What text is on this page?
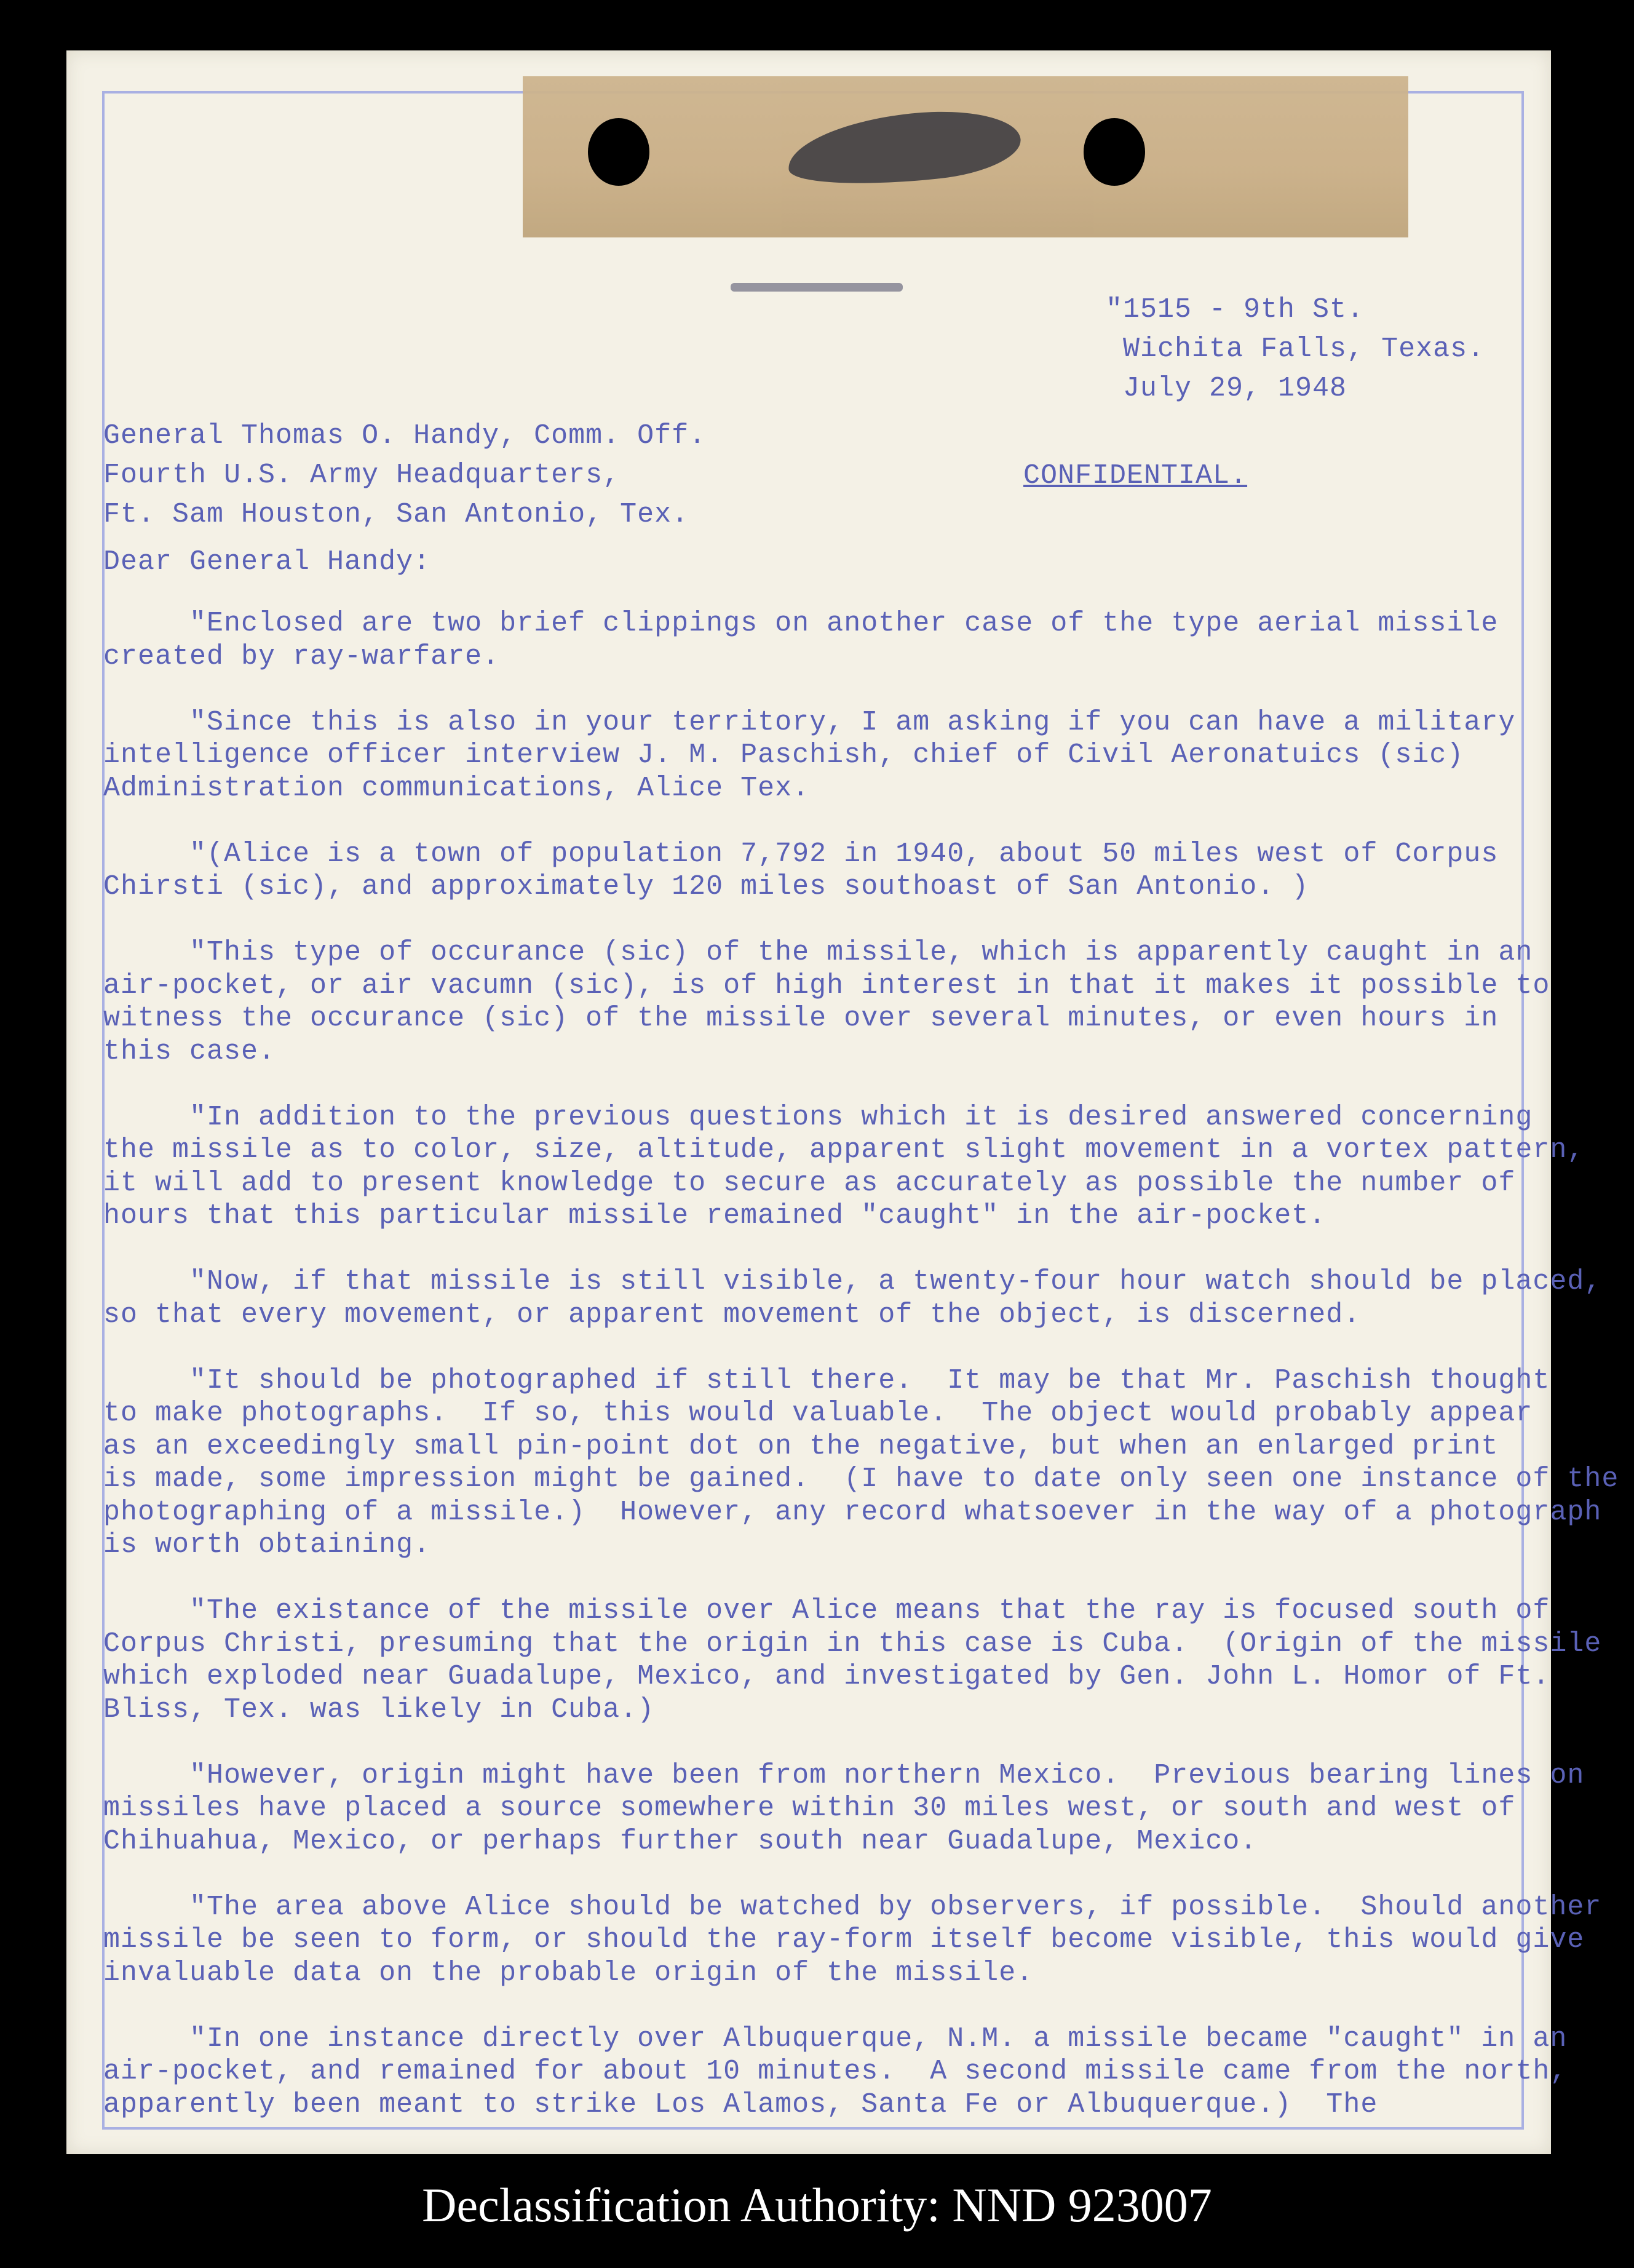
"1515 - 9th St.
Wichita Falls, Texas.
July 29, 1948
General Thomas O. Handy, Comm. Off.
Fourth U.S. Army Headquarters,
Ft. Sam Houston, San Antonio, Tex.
CONFIDENTIAL.
Dear General Handy:
"Enclosed are two brief clippings on another case of the type aerial missile
created by ray-warfare.

"Since this is also in your territory, I am asking if you can have a military
intelligence officer interview J. M. Paschish, chief of Civil Aeronatuics (sic)
Administration communications, Alice Tex.

"(Alice is a town of population 7,792 in 1940, about 50 miles west of Corpus
Chirsti (sic), and approximately 120 miles southoast of San Antonio. )

"This type of occurance (sic) of the missile, which is apparently caught in an
air-pocket, or air vacumn (sic), is of high interest in that it makes it possible to
witness the occurance (sic) of the missile over several minutes, or even hours in
this case.

"In addition to the previous questions which it is desired answered concerning
the missile as to color, size, altitude, apparent slight movement in a vortex pattern,
it will add to present knowledge to secure as accurately as possible the number of
hours that this particular missile remained "caught" in the air-pocket.

"Now, if that missile is still visible, a twenty-four hour watch should be placed,
so that every movement, or apparent movement of the object, is discerned.

"It should be photographed if still there.  It may be that Mr. Paschish thought
to make photographs.  If so, this would valuable.  The object would probably appear
as an exceedingly small pin-point dot on the negative, but when an enlarged print
is made, some impression might be gained.  (I have to date only seen one instance of the
photographing of a missile.)  However, any record whatsoever in the way of a photograph
is worth obtaining.

"The existance of the missile over Alice means that the ray is focused south of
Corpus Christi, presuming that the origin in this case is Cuba.  (Origin of the missile
which exploded near Guadalupe, Mexico, and investigated by Gen. John L. Homor of Ft.
Bliss, Tex. was likely in Cuba.)

"However, origin might have been from northern Mexico.  Previous bearing lines on
missiles have placed a source somewhere within 30 miles west, or south and west of
Chihuahua, Mexico, or perhaps further south near Guadalupe, Mexico.

"The area above Alice should be watched by observers, if possible.  Should another
missile be seen to form, or should the ray-form itself become visible, this would give
invaluable data on the probable origin of the missile.

"In one instance directly over Albuquerque, N.M. a missile became "caught" in an
air-pocket, and remained for about 10 minutes.  A second missile came from the north,
apparently been meant to strike Los Alamos, Santa Fe or Albuquerque.)  The
Declassification Authority: NND 923007
